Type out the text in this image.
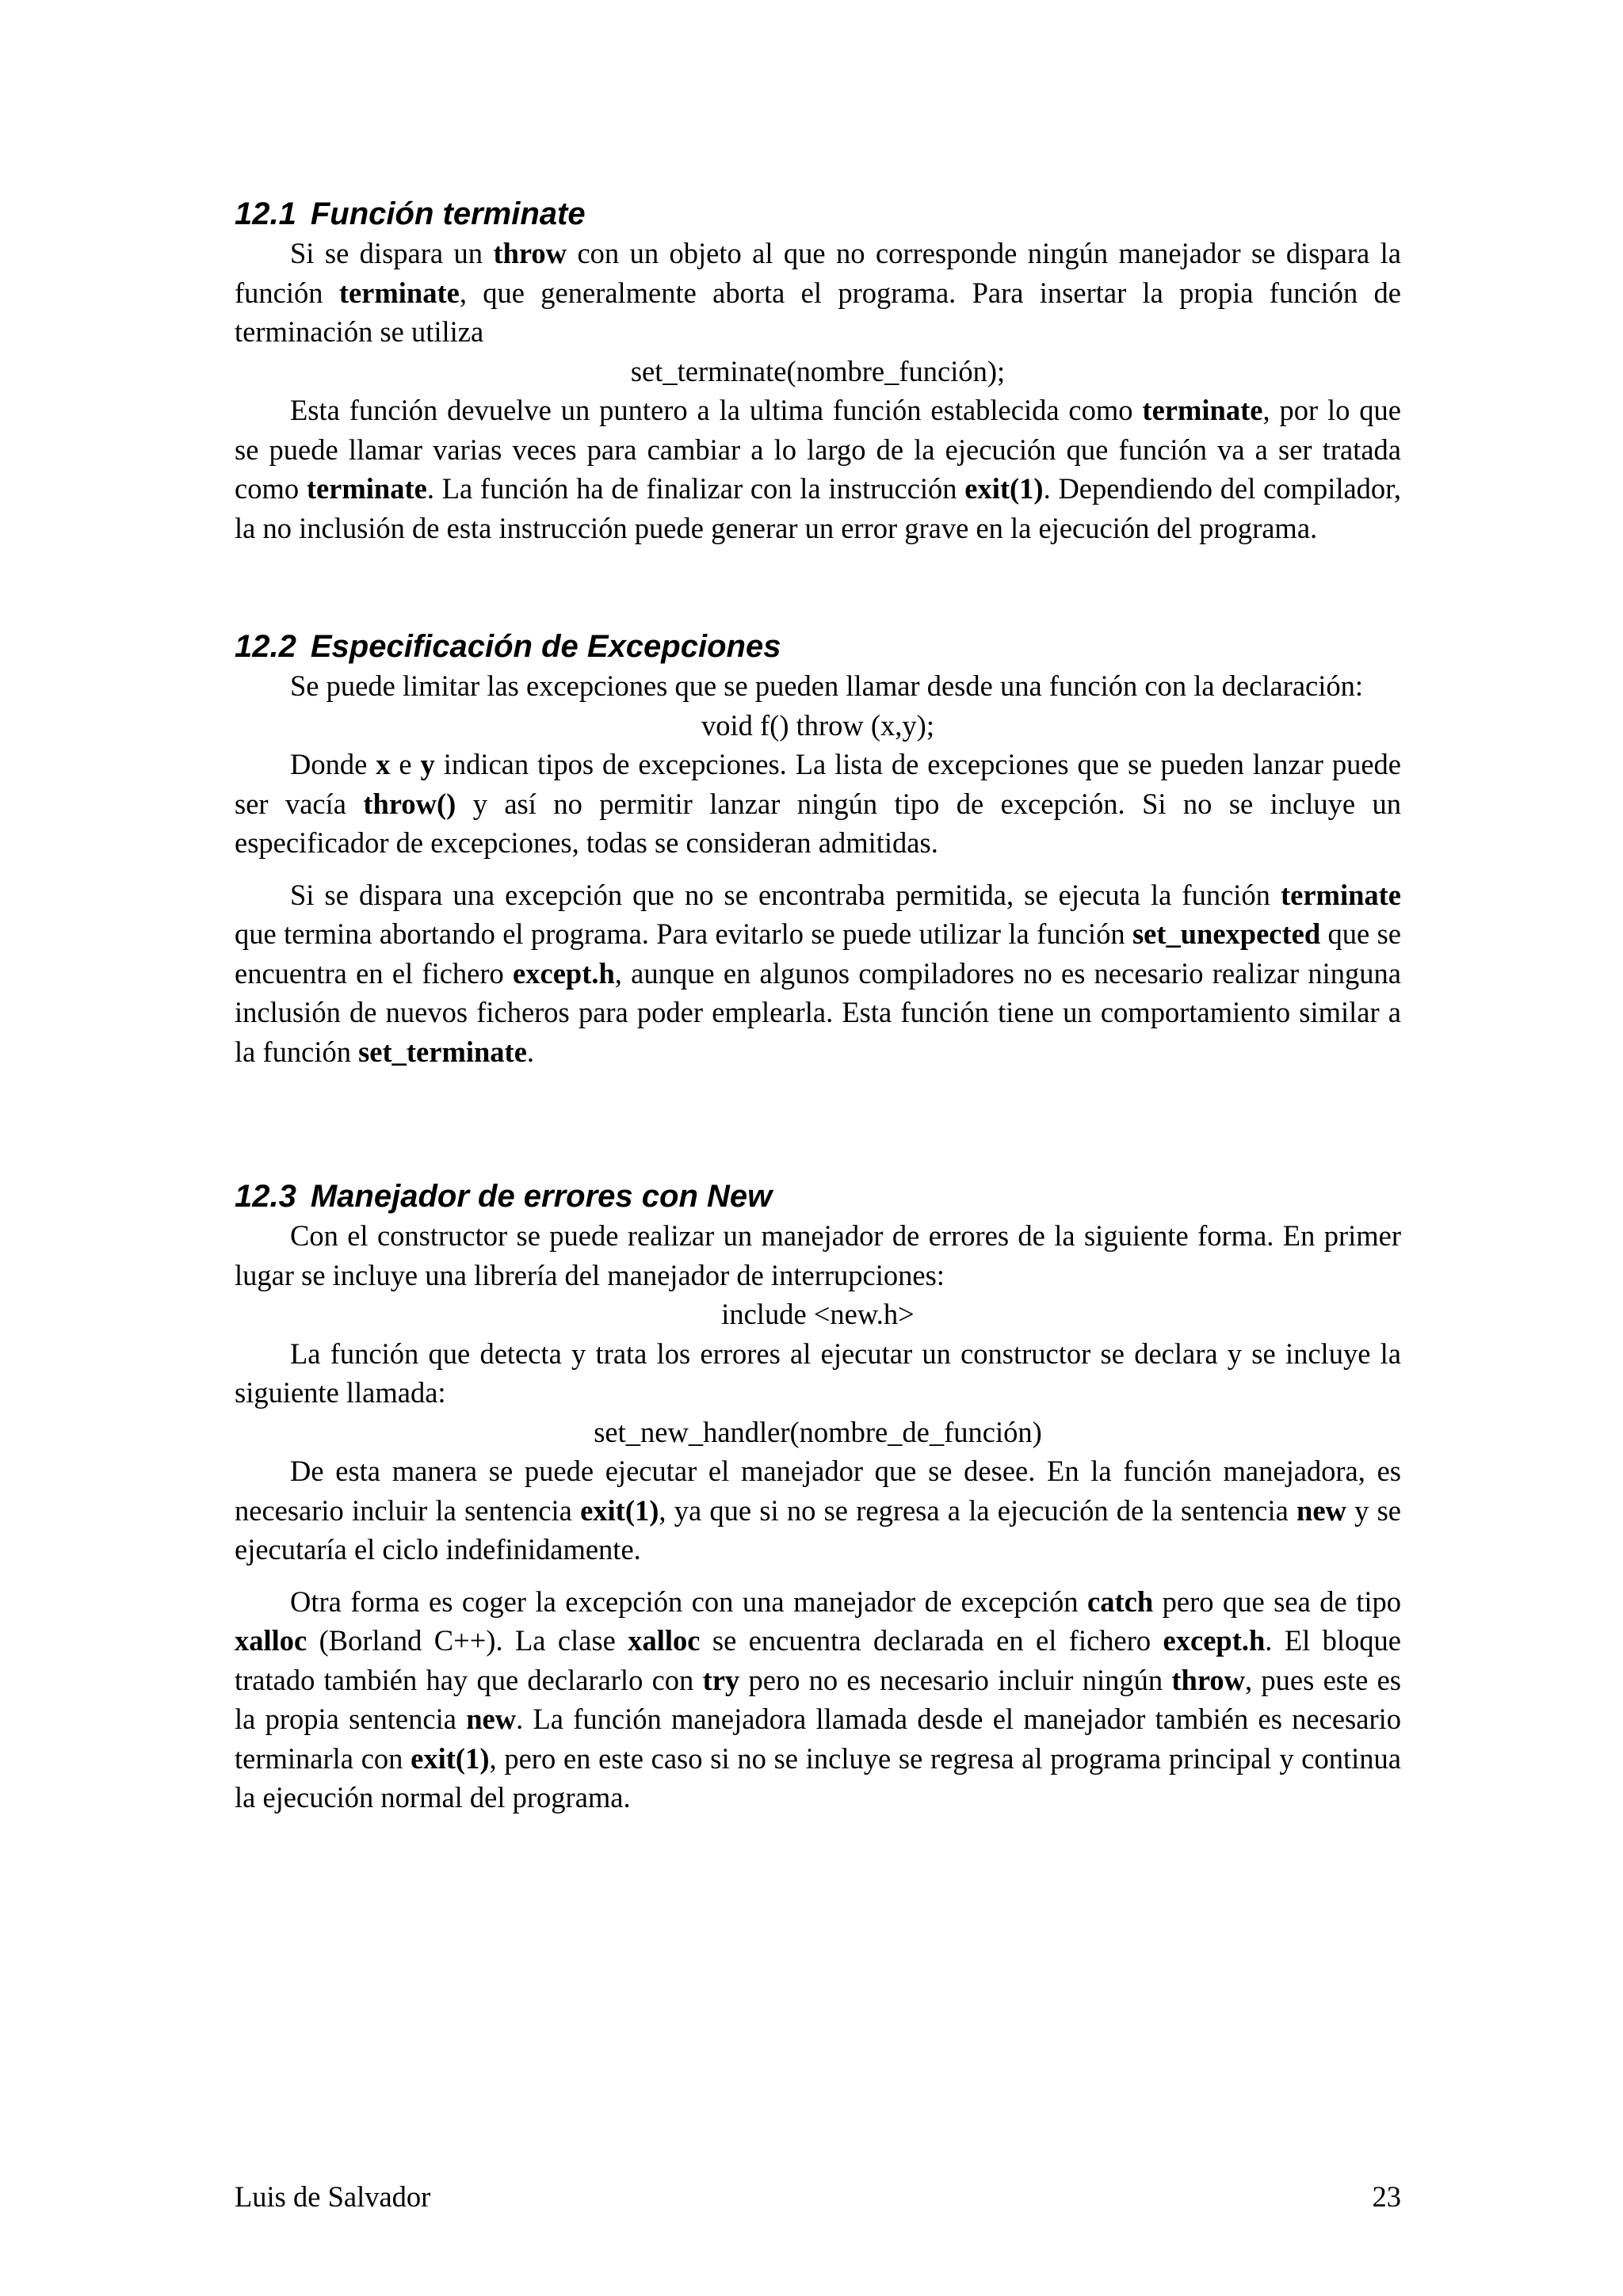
12.1 Función terminate

Si se dispara un throw con un objeto al que no corresponde ningún manejador se dispara la función terminate, que generalmente aborta el programa. Para insertar la propia función de terminación se utiliza

set_terminate(nombre_función);

Esta función devuelve un puntero a la ultima función establecida como terminate, por lo que se puede llamar varias veces para cambiar a lo largo de la ejecución que función va a ser tratada como terminate. La función ha de finalizar con la instrucción exit(1). Dependiendo del compilador, la no inclusión de esta instrucción puede generar un error grave en la ejecución del programa.

12.2 Especificación de Excepciones

Se puede limitar las excepciones que se pueden llamar desde una función con la declaración:

void f() throw (x,y);

Donde x e y indican tipos de excepciones. La lista de excepciones que se pueden lanzar puede ser vacía throw() y así no permitir lanzar ningún tipo de excepción. Si no se incluye un especificador de excepciones, todas se consideran admitidas.

Si se dispara una excepción que no se encontraba permitida, se ejecuta la función terminate que termina abortando el programa. Para evitarlo se puede utilizar la función set_unexpected que se encuentra en el fichero except.h, aunque en algunos compiladores no es necesario realizar ninguna inclusión de nuevos ficheros para poder emplearla. Esta función tiene un comportamiento similar a la función set_terminate.

12.3 Manejador de errores con New

Con el constructor se puede realizar un manejador de errores de la siguiente forma. En primer lugar se incluye una librería del manejador de interrupciones:

include <new.h>

La función que detecta y trata los errores al ejecutar un constructor se declara y se incluye la siguiente llamada:

set_new_handler(nombre_de_función)

De esta manera se puede ejecutar el manejador que se desee. En la función manejadora, es necesario incluir la sentencia exit(1), ya que si no se regresa a la ejecución de la sentencia new y se ejecutaría el ciclo indefinidamente.

Otra forma es coger la excepción con una manejador de excepción catch pero que sea de tipo xalloc (Borland C++). La clase xalloc se encuentra declarada en el fichero except.h. El bloque tratado también hay que declararlo con try pero no es necesario incluir ningún throw, pues este es la propia sentencia new. La función manejadora llamada desde el manejador también es necesario terminarla con exit(1), pero en este caso si no se incluye se regresa al programa principal y continua la ejecución normal del programa.

Luis de Salvador	23
